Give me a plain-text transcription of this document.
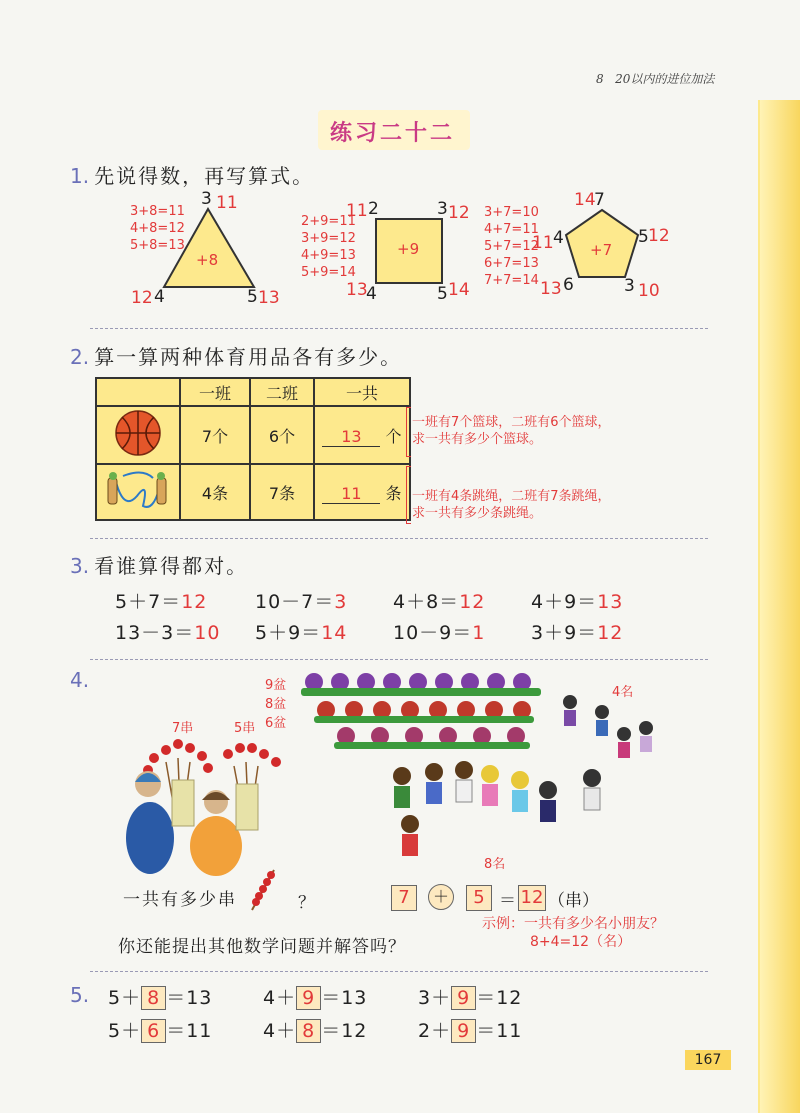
8 20以内的进位加法
练习二十二
1. 先说得数，再写算式。
3+8=11
4+8=12
5+8=13
+8
3 11
12 4	5 13
2+9=11
3+9=12
4+9=13
5+9=14
+9
11 2	3 12
13
4	5 14
3+7=10
4+7=11
5+7=12
6+7=13
7+7=14
+7
14
7
11 4	5 12
13 6	3 10
2. 算一算两种体育用品各有多少。
	一班	二班	一共
	7个	6个	13 个
	4条	7条	11 条
一班有7个篮球，二班有6个篮球，
求一共有多少个篮球。
一班有4条跳绳，二班有7条跳绳，
求一共有多少条跳绳。
3. 看谁算得都对。
5＋7＝12	10－7＝3 4＋8＝12 4＋9＝13
13－3＝10 5＋9＝14 10－9＝1 3＋9＝12
4.	9盆
8盆
6盆
7串	5串
4名
8名
一共有多少串	？	7	＋	5 ＝ 12 （串）
示例：一共有多少名小朋友？
8+4=12（名）
你还能提出其他数学问题并解答吗？
5. 5＋ 8 ＝13	4＋ 9 ＝13	3＋ 9 ＝12
5＋ 6 ＝11	4＋ 8 ＝12	2＋ 9 ＝11
167
